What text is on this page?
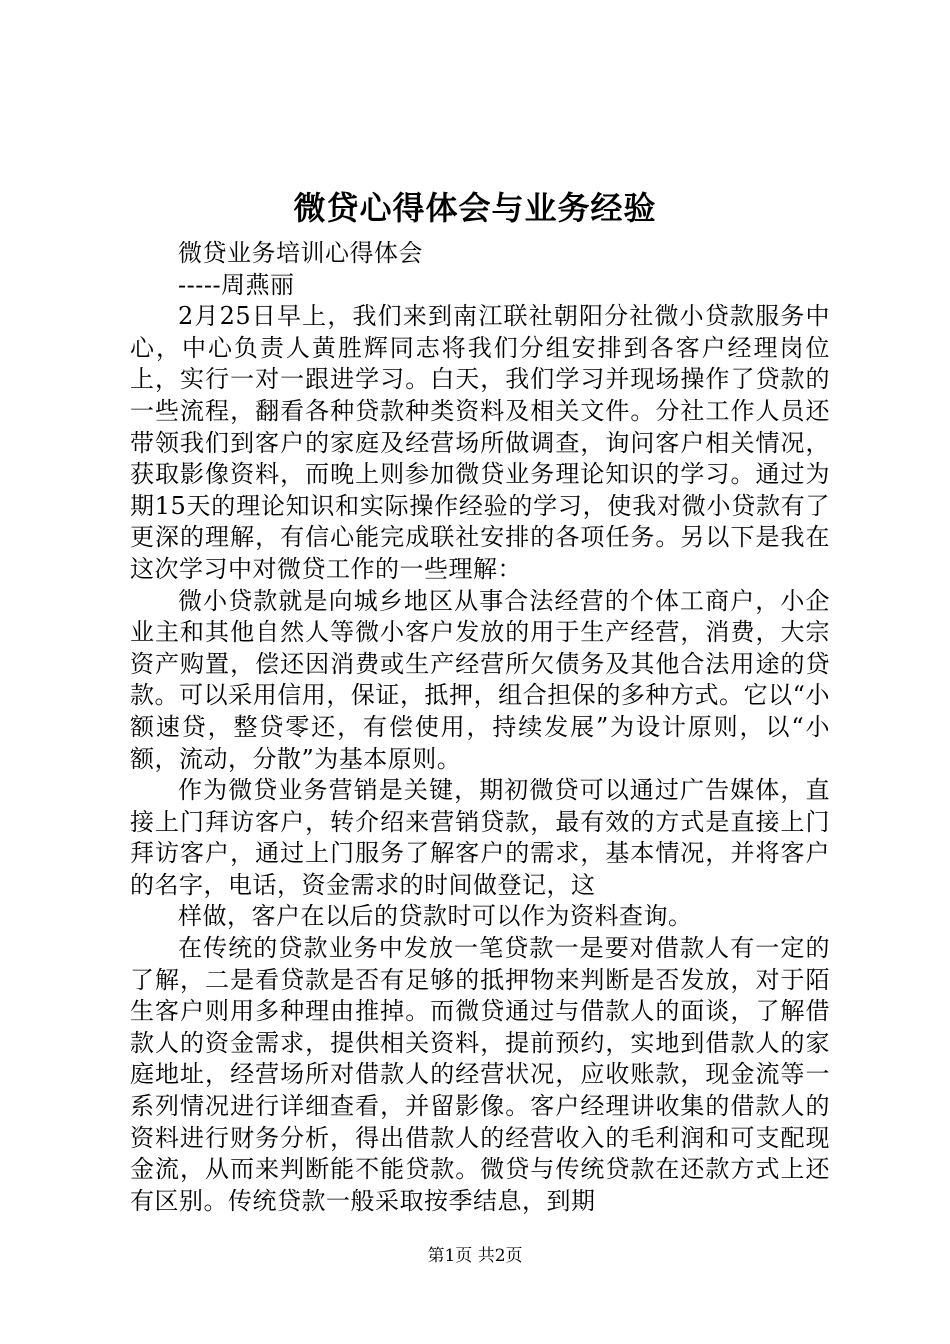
微贷心得体会与业务经验

微贷业务培训心得体会

-----周燕丽

2月25日早上，我们来到南江联社朝阳分社微小贷款服务中心，中心负责人黄胜辉同志将我们分组安排到各客户经理岗位上，实行一对一跟进学习。白天，我们学习并现场操作了贷款的一些流程，翻看各种贷款种类资料及相关文件。分社工作人员还带领我们到客户的家庭及经营场所做调查，询问客户相关情况，获取影像资料，而晚上则参加微贷业务理论知识的学习。通过为期15天的理论知识和实际操作经验的学习，使我对微小贷款有了更深的理解，有信心能完成联社安排的各项任务。另以下是我在这次学习中对微贷工作的一些理解：

微小贷款就是向城乡地区从事合法经营的个体工商户，小企业主和其他自然人等微小客户发放的用于生产经营，消费，大宗资产购置，偿还因消费或生产经营所欠债务及其他合法用途的贷款。可以采用信用，保证，抵押，组合担保的多种方式。它以“小额速贷，整贷零还，有偿使用，持续发展”为设计原则，以“小额，流动，分散”为基本原则。

作为微贷业务营销是关键，期初微贷可以通过广告媒体，直接上门拜访客户，转介绍来营销贷款，最有效的方式是直接上门拜访客户，通过上门服务了解客户的需求，基本情况，并将客户的名字，电话，资金需求的时间做登记，这

样做，客户在以后的贷款时可以作为资料查询。

在传统的贷款业务中发放一笔贷款一是要对借款人有一定的了解，二是看贷款是否有足够的抵押物来判断是否发放，对于陌生客户则用多种理由推掉。而微贷通过与借款人的面谈，了解借款人的资金需求，提供相关资料，提前预约，实地到借款人的家庭地址，经营场所对借款人的经营状况，应收账款，现金流等一系列情况进行详细查看，并留影像。客户经理讲收集的借款人的资料进行财务分析，得出借款人的经营收入的毛利润和可支配现金流，从而来判断能不能贷款。微贷与传统贷款在还款方式上还有区别。传统贷款一般采取按季结息，到期

第1页 共2页
